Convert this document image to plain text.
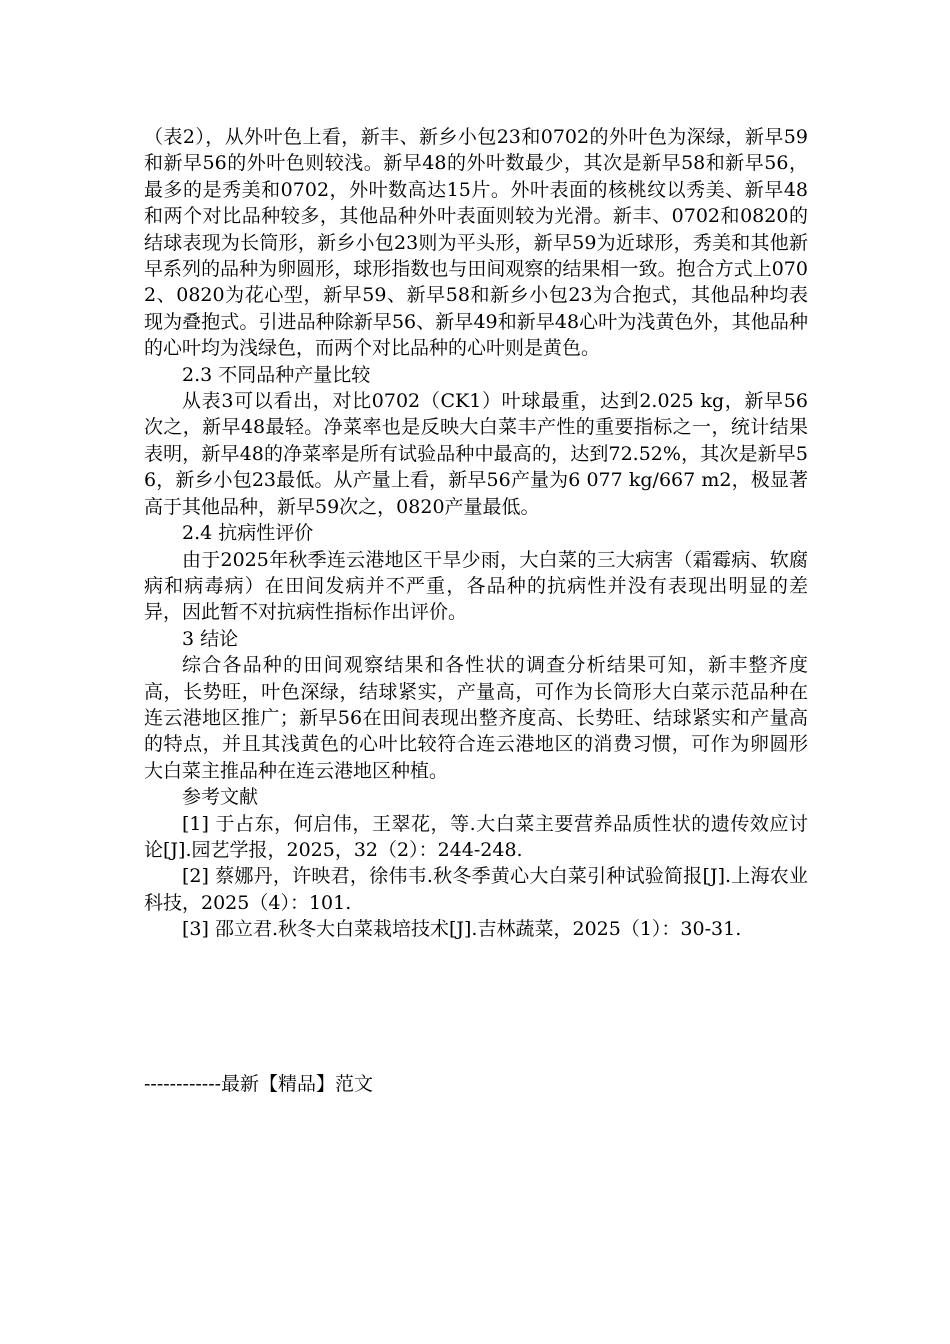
（表2），从外叶色上看，新丰、新乡小包23和0702的外叶色为深绿，新早59和新早56的外叶色则较浅。新早48的外叶数最少，其次是新早58和新早56，最多的是秀美和0702，外叶数高达15片。外叶表面的核桃纹以秀美、新早48和两个对比品种较多，其他品种外叶表面则较为光滑。新丰、0702和0820的结球表现为长筒形，新乡小包23则为平头形，新早59为近球形，秀美和其他新早系列的品种为卵圆形，球形指数也与田间观察的结果相一致。抱合方式上0702、0820为花心型，新早59、新早58和新乡小包23为合抱式，其他品种均表现为叠抱式。引进品种除新早56、新早49和新早48心叶为浅黄色外，其他品种的心叶均为浅绿色，而两个对比品种的心叶则是黄色。

2.3 不同品种产量比较

从表3可以看出，对比0702（CK1）叶球最重，达到2.025 kg，新早56次之，新早48最轻。净菜率也是反映大白菜丰产性的重要指标之一，统计结果表明，新早48的净菜率是所有试验品种中最高的，达到72.52%，其次是新早56，新乡小包23最低。从产量上看，新早56产量为6 077 kg/667 m2，极显著高于其他品种，新早59次之，0820产量最低。

2.4 抗病性评价

由于2025年秋季连云港地区干旱少雨，大白菜的三大病害（霜霉病、软腐病和病毒病）在田间发病并不严重，各品种的抗病性并没有表现出明显的差异，因此暂不对抗病性指标作出评价。

3 结论

综合各品种的田间观察结果和各性状的调查分析结果可知，新丰整齐度高，长势旺，叶色深绿，结球紧实，产量高，可作为长筒形大白菜示范品种在连云港地区推广；新早56在田间表现出整齐度高、长势旺、结球紧实和产量高的特点，并且其浅黄色的心叶比较符合连云港地区的消费习惯，可作为卵圆形大白菜主推品种在连云港地区种植。

参考文献

[1] 于占东，何启伟，王翠花，等.大白菜主要营养品质性状的遗传效应讨论[J].园艺学报，2025，32（2）：244-248.

[2] 蔡娜丹，许映君，徐伟韦.秋冬季黄心大白菜引种试验简报[J].上海农业科技，2025（4）：101.

[3] 邵立君.秋冬大白菜栽培技术[J].吉林蔬菜，2025（1）：30-31.

------------最新【精品】范文
